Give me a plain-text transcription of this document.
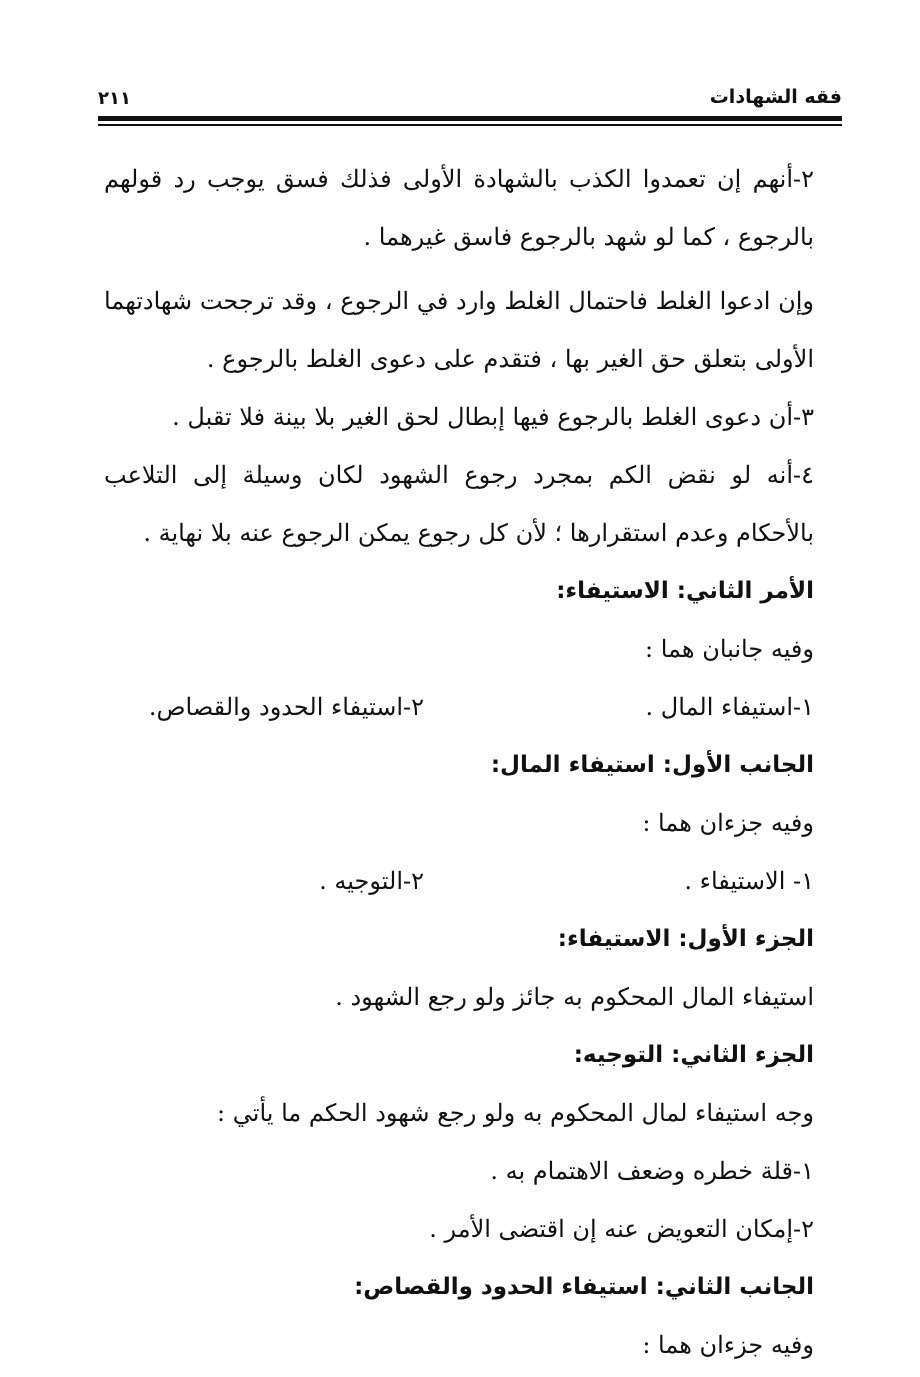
فقه الشهادات
٢١١
٢-أنهم إن تعمدوا الكذب بالشهادة الأولى فذلك فسق يوجب رد قولهم
بالرجوع ، كما لو شهد بالرجوع فاسق غيرهما .
وإن ادعوا الغلط فاحتمال الغلط وارد في الرجوع ، وقد ترجحت شهادتهما
الأولى بتعلق حق الغير بها ، فتقدم على دعوى الغلط بالرجوع .
٣-أن دعوى الغلط بالرجوع فيها إبطال لحق الغير بلا بينة فلا تقبل .
٤-أنه لو نقض الكم بمجرد رجوع الشهود لكان وسيلة إلى التلاعب
بالأحكام وعدم استقرارها ؛ لأن كل رجوع يمكن الرجوع عنه بلا نهاية .
الأمر الثاني: الاستيفاء:
وفيه جانبان هما :
١-استيفاء المال .
٢-استيفاء الحدود والقصاص.
الجانب الأول: استيفاء المال:
وفيه جزءان هما :
١- الاستيفاء .
٢-التوجيه .
الجزء الأول: الاستيفاء:
استيفاء المال المحكوم به جائز ولو رجع الشهود .
الجزء الثاني: التوجيه:
وجه استيفاء لمال المحكوم به ولو رجع شهود الحكم ما يأتي :
١-قلة خطره وضعف الاهتمام به .
٢-إمكان التعويض عنه إن اقتضى الأمر .
الجانب الثاني: استيفاء الحدود والقصاص:
وفيه جزءان هما :
